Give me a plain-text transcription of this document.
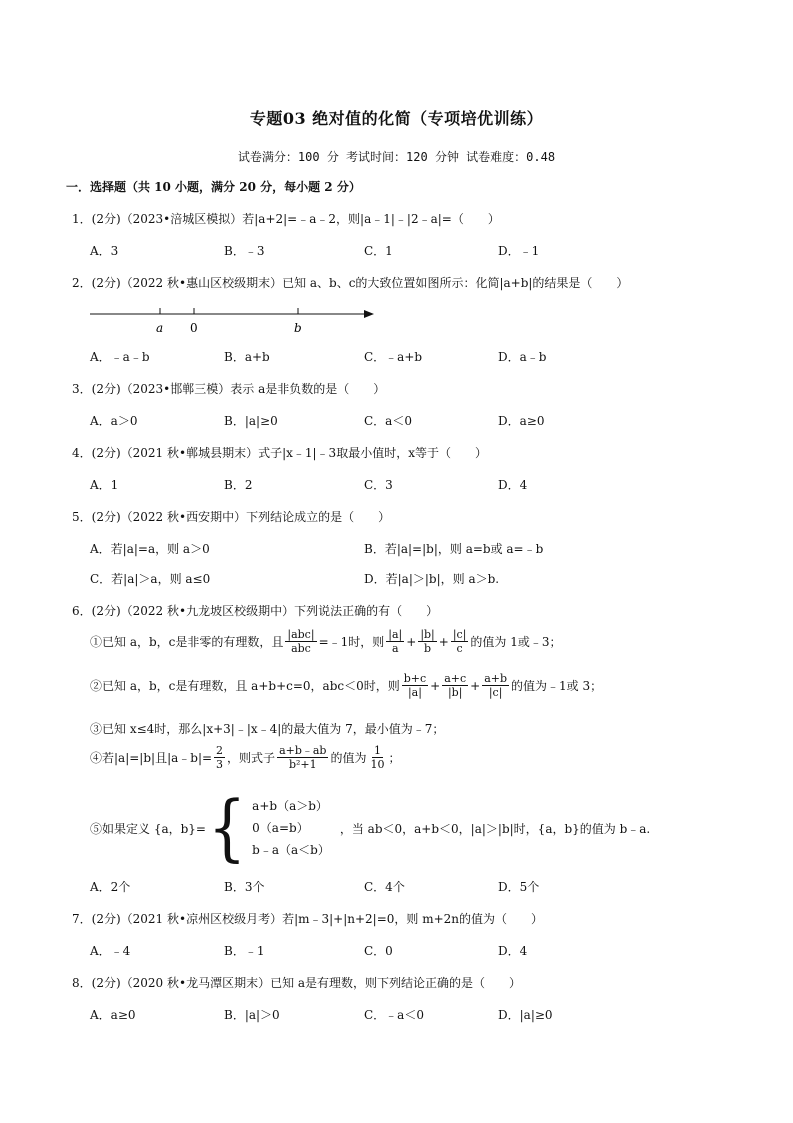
专题03 绝对值的化简（专项培优训练）
试卷满分：100 分 考试时间：120 分钟 试卷难度：0.48
一．选择题（共 10 小题，满分 20 分，每小题 2 分）
1．(2分)（2023•涪城区模拟）若|a+2|=﹣a﹣2，则|a﹣1|﹣|2﹣a|=（　　）
A．3	B．﹣3	C．1	D．﹣1
2．(2分)（2022 秋•惠山区校级期末）已知 a、b、c的大致位置如图所示：化简|a+b|的结果是（　　）
a 0	b
A．﹣a﹣b	B．a+b	C．﹣a+b	D．a﹣b
3．(2分)（2023•邯郸三模）表示 a是非负数的是（　　）
A．a＞0	B．|a|≥0	C．a＜0	D．a≥0
4．(2分)（2021 秋•郸城县期末）式子|x﹣1|﹣3取最小值时，x等于（　　）
A．1	B．2	C．3	D．4
5．(2分)（2022 秋•西安期中）下列结论成立的是（　　）
A．若|a|=a，则 a＞0	B．若|a|=|b|，则 a=b或 a=﹣b
C．若|a|＞a，则 a≤0	D．若|a|＞|b|，则 a＞b.
6．(2分)（2022 秋•九龙坡区校级期中）下列说法正确的有（　　）
①已知 a，b，c是非零的有理数，且 $\frac{\text{|abc|}}{\text{abc}}$ =﹣1时，则 $\frac{|a|}{a} + \frac{|b|}{b} + \frac{|c|}{c}$ 的值为 1或﹣3；
②已知 a，b，c是有理数，且 a+b+c=0，abc＜0时，则 $\frac{b+c}{|a|} + \frac{a+c}{|b|} + \frac{a+b}{|c|}$ 的值为﹣1或 3；
③已知 x≤4时，那么|x+3|﹣|x﹣4|的最大值为 7，最小值为﹣7；
④若|a|=|b|且|a﹣b|= $\frac{2}{3}$ ，则式子 $\frac{a+b﹣ab}{\text{b²+1}}$ 的值为 $\frac{1}{10}$ ；
⑤如果定义 {a，b}= { a+b（a＞b）
0（a=b）
b﹣a（a＜b）
，当 ab＜0，a+b＜0，|a|＞|b|时，{a，b}的值为 b﹣a.
A．2个	B．3个	C．4个	D．5个
7．(2分)（2021 秋•凉州区校级月考）若|m﹣3|+|n+2|=0，则 m+2n的值为（　　）
A．﹣4	B．﹣1	C．0	D．4
8．(2分)（2020 秋•龙马潭区期末）已知 a是有理数，则下列结论正确的是（　　）
A．a≥0	B．|a|＞0	C．﹣a＜0	D．|a|≥0
